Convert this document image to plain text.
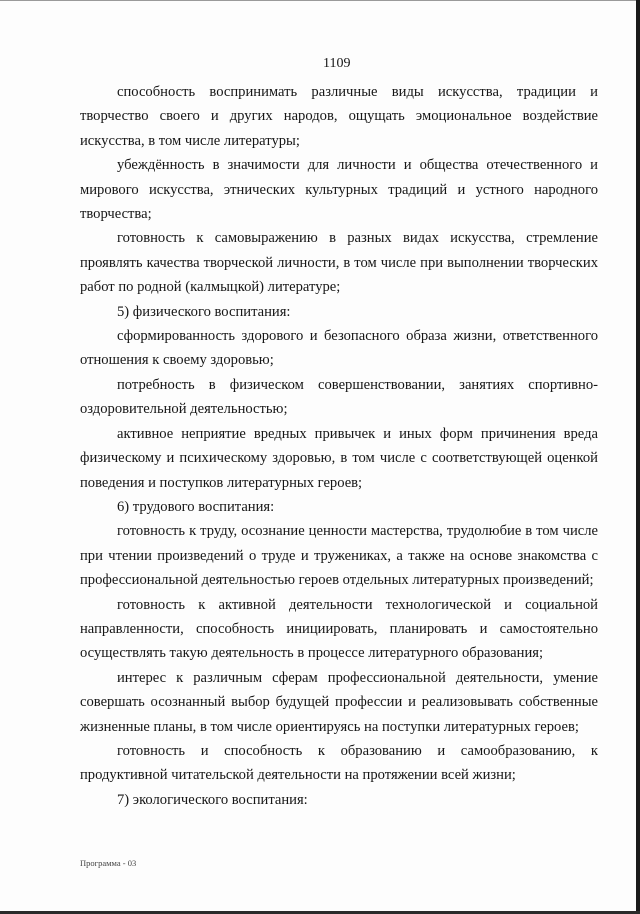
1109

способность воспринимать различные виды искусства, традиции и творчество своего и других народов, ощущать эмоциональное воздействие искусства, в том числе литературы;

убеждённость в значимости для личности и общества отечественного и мирового искусства, этнических культурных традиций и устного народного творчества;

готовность к самовыражению в разных видах искусства, стремление проявлять качества творческой личности, в том числе при выполнении творческих работ по родной (калмыцкой) литературе;

5) физического воспитания:

сформированность здорового и безопасного образа жизни, ответственного отношения к своему здоровью;

потребность в физическом совершенствовании, занятиях спортивно-оздоровительной деятельностью;

активное неприятие вредных привычек и иных форм причинения вреда физическому и психическому здоровью, в том числе с соответствующей оценкой поведения и поступков литературных героев;

6) трудового воспитания:

готовность к труду, осознание ценности мастерства, трудолюбие в том числе при чтении произведений о труде и тружениках, а также на основе знакомства с профессиональной деятельностью героев отдельных литературных произведений;

готовность к активной деятельности технологической и социальной направленности, способность инициировать, планировать и самостоятельно осуществлять такую деятельность в процессе литературного образования;

интерес к различным сферам профессиональной деятельности, умение совершать осознанный выбор будущей профессии и реализовывать собственные жизненные планы, в том числе ориентируясь на поступки литературных героев;

готовность и способность к образованию и самообразованию, к продуктивной читательской деятельности на протяжении всей жизни;

7) экологического воспитания:

Программа - 03
